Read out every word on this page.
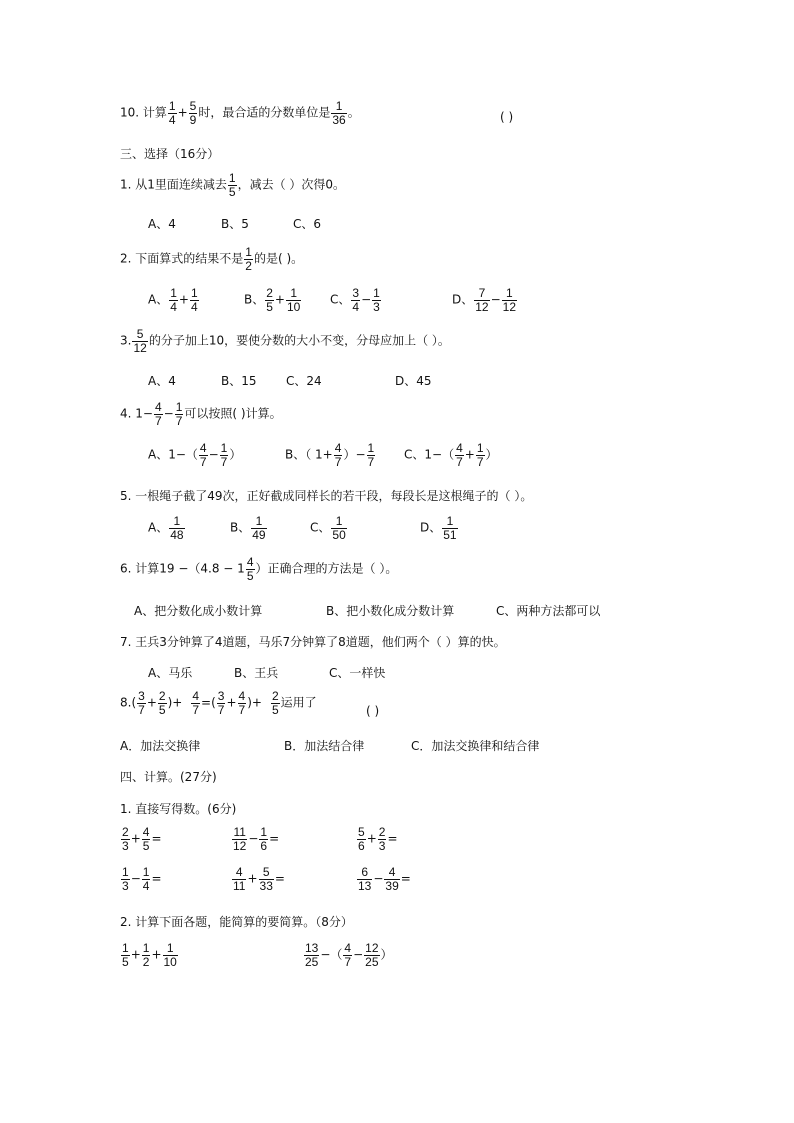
10. 计算 $\frac{1}{4} + \frac{5}{9}$ 时，最合适的分数单位是 $\frac{1}{36}$ 。	( )
三、选择（16分）
1. 从1里面连续减去 $\frac{1}{5}$ ，减去（ ）次得0。
A、4	B、5	C、6
2. 下面算式的结果不是 $\frac{1}{2}$ 的是( )。
A、 $\frac{1}{4} + \frac{1}{4}$	B、 $\frac{2}{5} + \frac{1}{10}$ C、 $\frac{3}{4} - \frac{1}{3}$	D、 $\frac{7}{12} - \frac{1}{12}$
3. $\frac{5}{12}$ 的分子加上10，要使分数的大小不变，分母应加上（ ）。
A、4	B、15 C、24	D、45
4. $1- \frac{4}{7} - \frac{1}{7}$ 可以按照( )计算。
A、$1-( \frac{4}{7} - \frac{1}{7}$ ）	B、（ $1+ \frac{4}{7}$ ）− $\frac{1}{7}$ C、$1-( \frac{4}{7} + \frac{1}{7}$ ）
5. 一根绳子截了49次，正好截成同样长的若干段，每段长是这根绳子的（ ）。
A、 $\frac{1}{48}$	B、 $\frac{1}{49}$	C、 $\frac{1}{50}$	D、 $\frac{1}{51}$
6. 计算$19 -(4.8 - 1 \frac{4}{5}$ ）正确合理的方法是（ ）。
A、把分数化成小数计算	B、把小数化成分数计算	C、两种方法都可以
7. 王兵3分钟算了4道题，马乐7分钟算了8道题，他们两个（ ）算的快。
A、马乐	B、王兵	C、一样快
$8.( \frac{3}{7} + \frac{2}{5}$ )+ $\frac{4}{7}$ =( $\frac{3}{7} + \frac{4}{7}$ )+ $\frac{2}{5}$ 运用了
( )
A．加法交换律	B．加法结合律	C．加法交换律和结合律
四、计算。(27分)
1. 直接写得数。(6分)
$\frac{2}{3} + \frac{4}{5}$ =	$\frac{11}{12} - \frac{1}{6}$ =	$\frac{5}{6} + \frac{2}{3}$ =
$\frac{1}{3} - \frac{1}{4}$ =	$\frac{4}{11} + \frac{5}{33}$ =	$\frac{6}{13} - \frac{4}{39}$ =
2. 计算下面各题，能简算的要简算。（8分）
$\frac{1}{5} + \frac{1}{2} + \frac{1}{10}$	$\frac{13}{25}$ −（ $\frac{4}{7} - \frac{12}{25}$ ）
